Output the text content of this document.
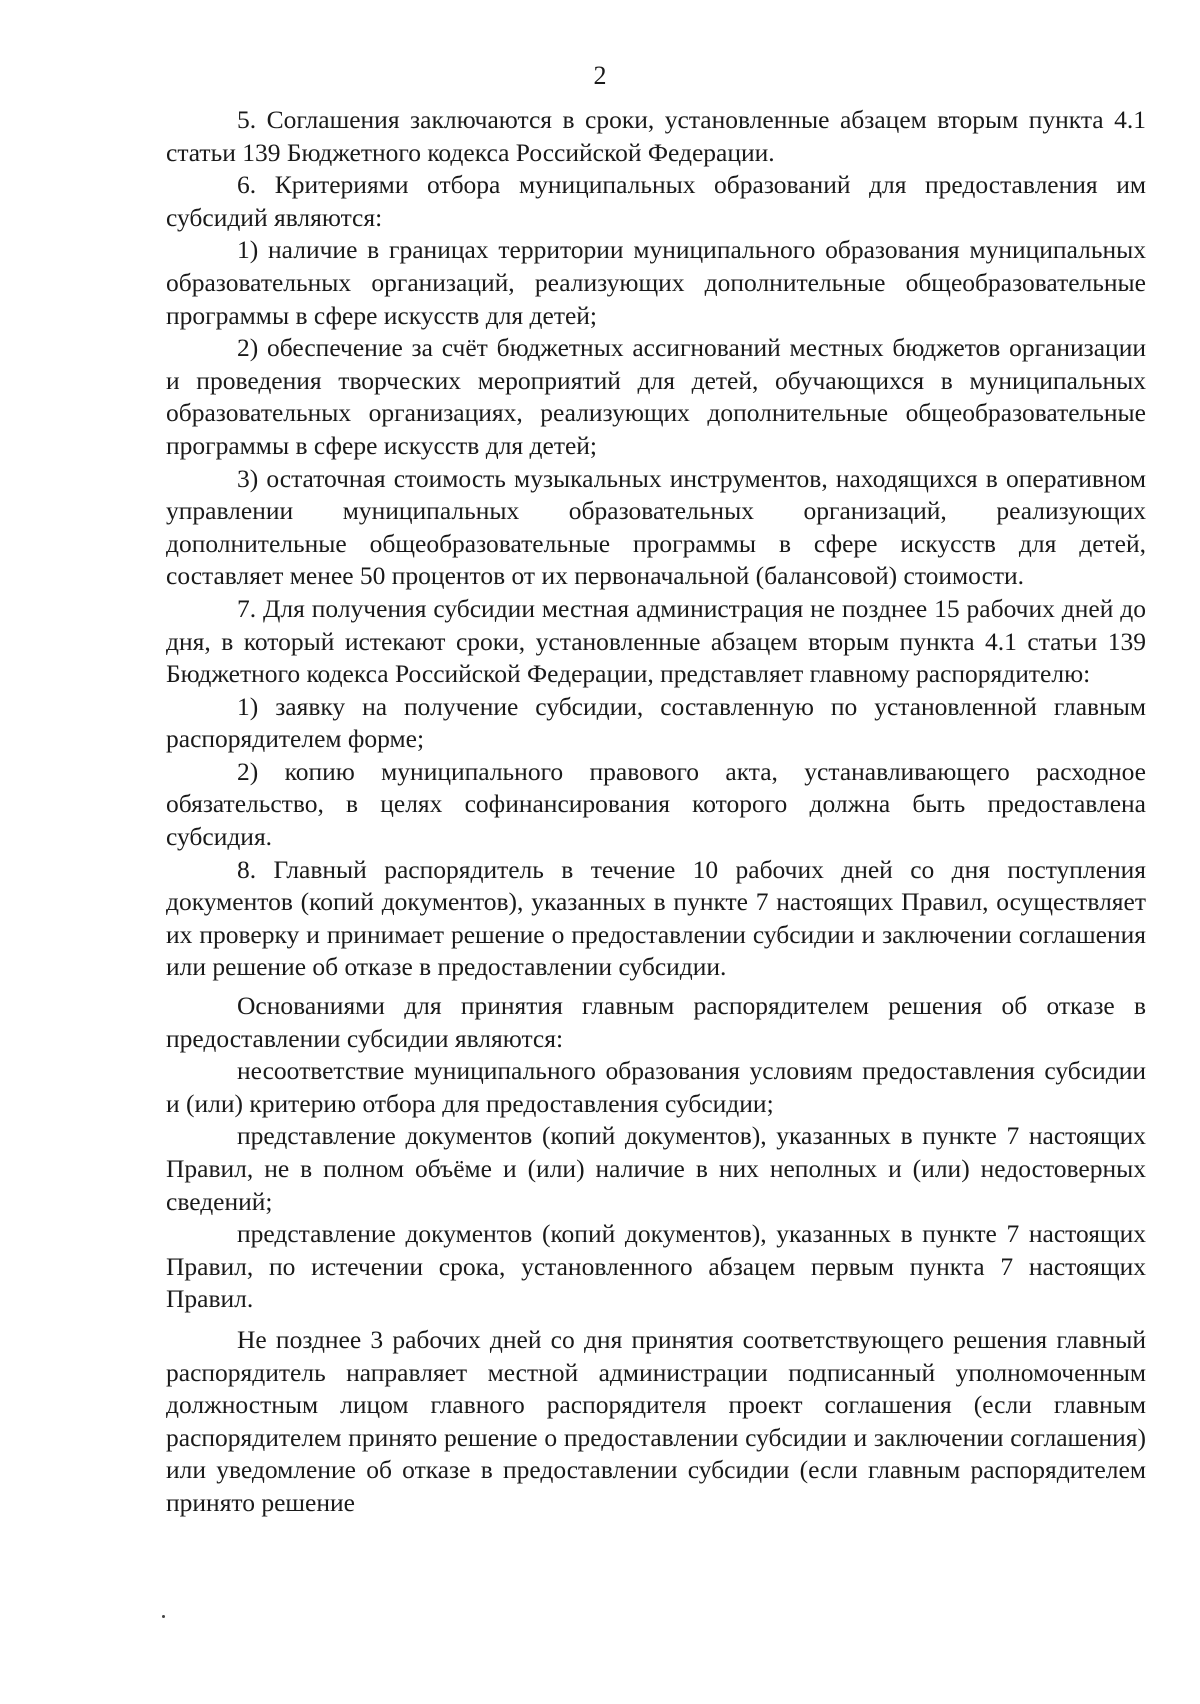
2

5. Соглашения заключаются в сроки, установленные абзацем вторым пункта 4.1 статьи 139 Бюджетного кодекса Российской Федерации.

6. Критериями отбора муниципальных образований для предоставления им субсидий являются:

1) наличие в границах территории муниципального образования муниципальных образовательных организаций, реализующих дополнительные общеобразовательные программы в сфере искусств для детей;

2) обеспечение за счёт бюджетных ассигнований местных бюджетов организации и проведения творческих мероприятий для детей, обучающихся в муниципальных образовательных организациях, реализующих дополнительные общеобразовательные программы в сфере искусств для детей;

3) остаточная стоимость музыкальных инструментов, находящихся в оперативном управлении муниципальных образовательных организаций, реализующих дополнительные общеобразовательные программы в сфере искусств для детей, составляет менее 50 процентов от их первоначальной (балансовой) стоимости.

7. Для получения субсидии местная администрация не позднее 15 рабочих дней до дня, в который истекают сроки, установленные абзацем вторым пункта 4.1 статьи 139 Бюджетного кодекса Российской Федерации, представляет главному распорядителю:

1) заявку на получение субсидии, составленную по установленной главным распорядителем форме;

2) копию муниципального правового акта, устанавливающего расходное обязательство, в целях софинансирования которого должна быть предоставлена субсидия.

8. Главный распорядитель в течение 10 рабочих дней со дня поступления документов (копий документов), указанных в пункте 7 настоящих Правил, осуществляет их проверку и принимает решение о предоставлении субсидии и заключении соглашения или решение об отказе в предоставлении субсидии.

Основаниями для принятия главным распорядителем решения об отказе в предоставлении субсидии являются:

несоответствие муниципального образования условиям предоставления субсидии и (или) критерию отбора для предоставления субсидии;

представление документов (копий документов), указанных в пункте 7 настоящих Правил, не в полном объёме и (или) наличие в них неполных и (или) недостоверных сведений;

представление документов (копий документов), указанных в пункте 7 настоящих Правил, по истечении срока, установленного абзацем первым пункта 7 настоящих Правил.

Не позднее 3 рабочих дней со дня принятия соответствующего решения главный распорядитель направляет местной администрации подписанный уполномоченным должностным лицом главного распорядителя проект соглашения (если главным распорядителем принято решение о предоставлении субсидии и заключении соглашения) или уведомление об отказе в предоставлении субсидии (если главным распорядителем принято решение
